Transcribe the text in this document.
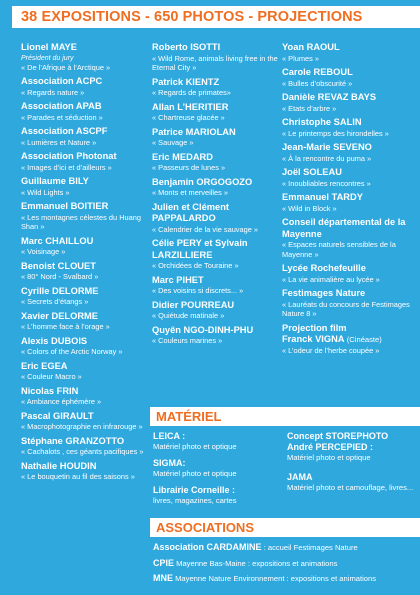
38 EXPOSITIONS - 650 PHOTOS - PROJECTIONS
Lionel MAYE
Président du jury
« De l’Afrique à l’Arctique »
Association ACPC
« Regards nature »
Association APAB
« Parades et séduction »
Association ASCPF
« Lumières et Nature »
Association Photonat
« Images d’ici et d’ailleurs »
Guillaume BILY
« Wild Lights »
Emmanuel BOITIER
« Les montagnes célestes du Huang Shan »
Marc CHAILLOU
« Voisinage »
Benoist CLOUET
« 80° Nord - Svalbard »
Cyrille DELORME
« Secrets d’étangs »
Xavier DELORME
« L’homme face à l’orage »
Alexis DUBOIS
« Colors of the Arctic Norway »
Eric EGEA
« Couleur Macro »
Nicolas FRIN
« Ambiance éphémère »
Pascal GIRAULT
« Macrophotographie en infrarouge »
Stéphane GRANZOTTO
« Cachalots , ces géants pacifiques »
Nathalie HOUDIN
« Le bouquetin au fil des saisons »
Roberto ISOTTI
« Wild Rome, animals living free in the Eternal City »
Patrick KIENTZ
« Regards de primates»
Allan L’HERITIER
« Chartreuse glacée »
Patrice MARIOLAN
« Sauvage »
Eric MEDARD
« Passeurs de lunes »
Benjamin ORGOGOZO
« Monts et merveilles »
Julien et Clément PAPPALARDO
« Calendrier de la vie sauvage »
Célie PERY et Sylvain LARZILLIERE
« Orchidées de Touraine »
Marc PIHET
« Des voisins si discrets... »
Didier POURREAU
« Quiétude matinale »
Quyên NGO-DINH-PHU
« Couleurs marines »
Yoan RAOUL
« Plumes »
Carole REBOUL
« Bulles d’obscurité »
Danièle REVAZ BAYS
« Etats d’arbre »
Christophe SALIN
« Le printemps des hirondelles »
Jean-Marie SEVENO
« À la rencontre du puma »
Joël SOLEAU
« Inoubliables rencontres »
Emmanuel TARDY
« Wild in Block »
Conseil départemental de la Mayenne
« Espaces naturels sensibles de la Mayenne »
Lycée Rochefeuille
« La vie animalière au lycée »
Festimages Nature
« Lauréats du concours de Festimages Nature 8 »
Projection film
Franck VIGNA (Cinéaste)
« L’odeur de l’herbe coupée »
MATÉRIEL
LEICA :
Matériel photo et optique
SIGMA:
Matériel photo et optique
Librairie Corneille :
livres, magazines, cartes
Concept STOREPHOTO
André PERCEPIED :
Matériel photo et optique
JAMA
Matériel photo et camouflage, livres...
ASSOCIATIONS
Association CARDAMINE : accueil Festimages Nature
CPIE Mayenne Bas-Maine : expositions et animations
MNE Mayenne Nature Environnement : expositions et animations
